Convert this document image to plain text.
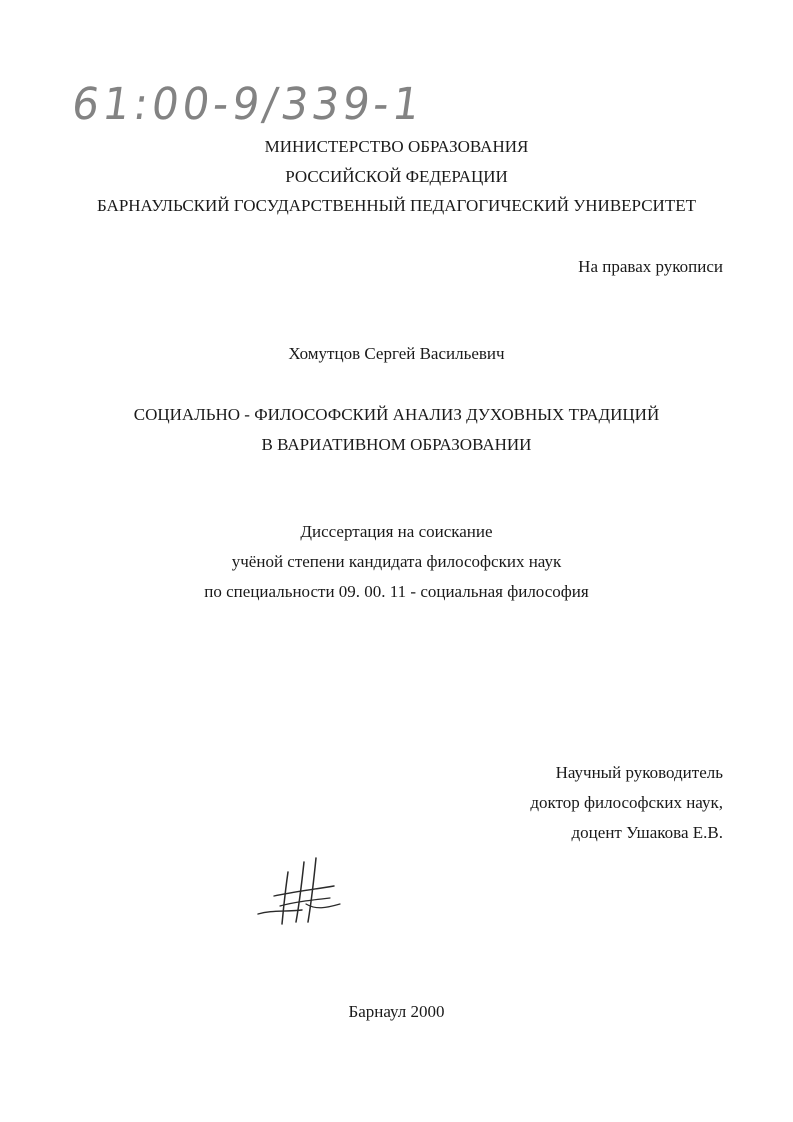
61:00-9/339-1
МИНИСТЕРСТВО ОБРАЗОВАНИЯ
РОССИЙСКОЙ ФЕДЕРАЦИИ
БАРНАУЛЬСКИЙ ГОСУДАРСТВЕННЫЙ ПЕДАГОГИЧЕСКИЙ УНИВЕРСИТЕТ
На правах рукописи
Хомутцов Сергей Васильевич
СОЦИАЛЬНО - ФИЛОСОФСКИЙ АНАЛИЗ ДУХОВНЫХ ТРАДИЦИЙ
В ВАРИАТИВНОМ ОБРАЗОВАНИИ
Диссертация на соискание
учёной степени кандидата философских наук
по специальности 09. 00. 11 - социальная философия
Научный руководитель
доктор философских наук,
доцент Ушакова Е.В.
Барнаул 2000
